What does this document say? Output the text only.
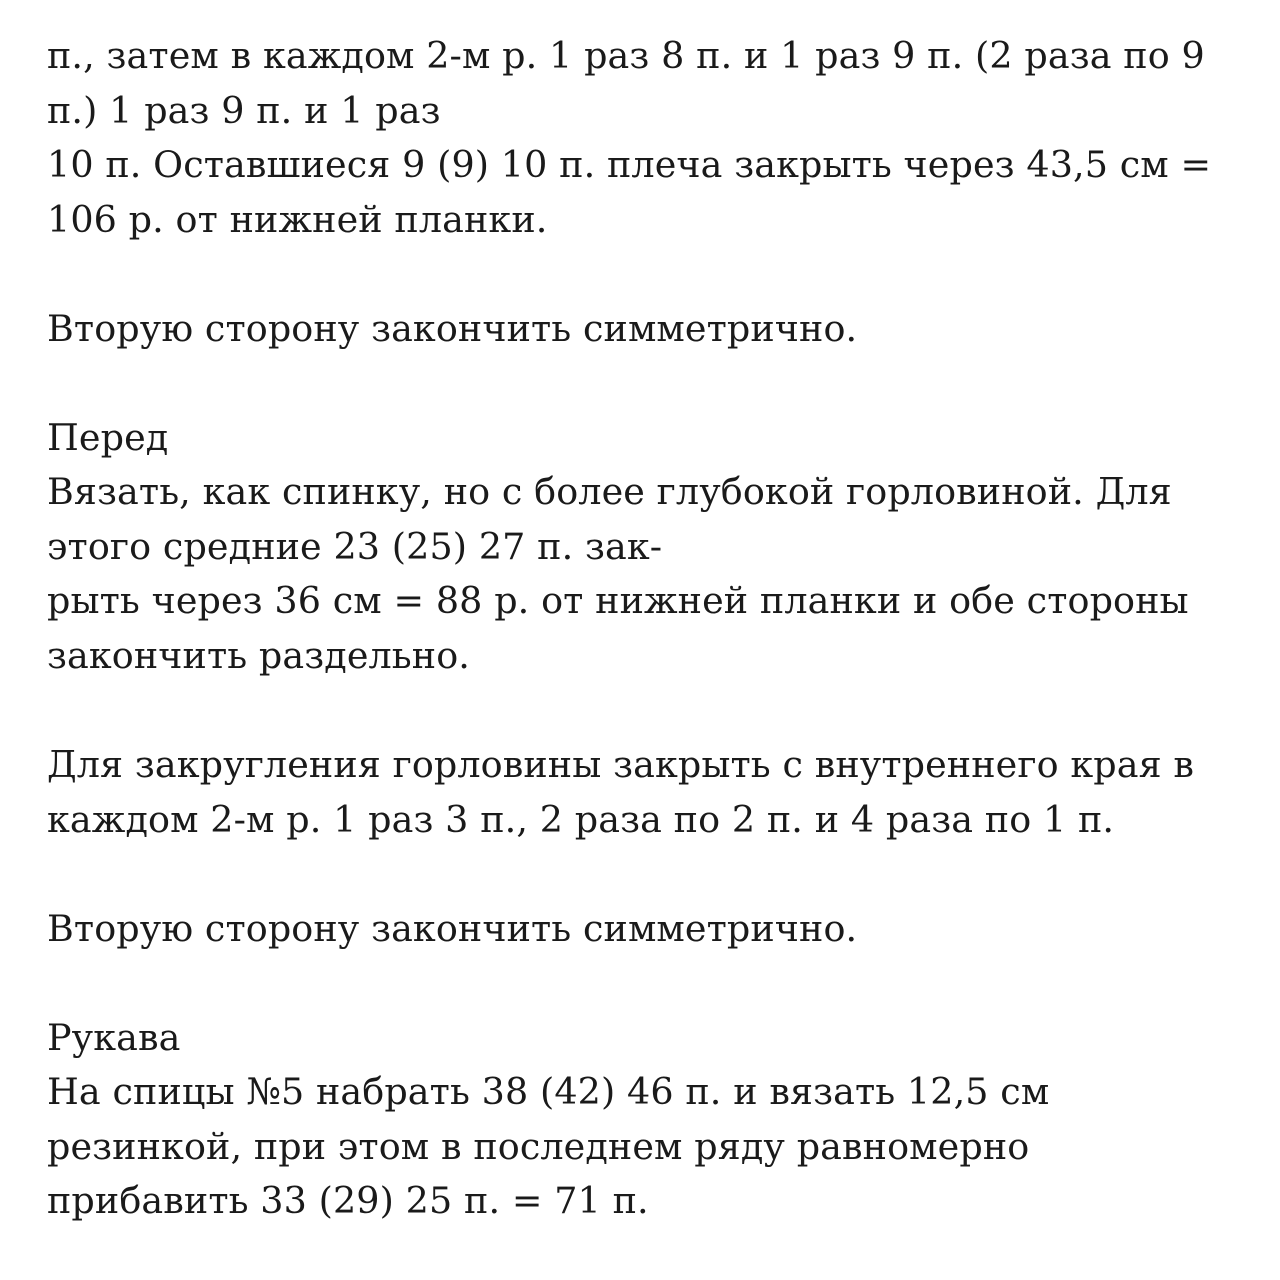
п., затем в каждом 2-м р. 1 раз 8 п. и 1 раз 9 п. (2 раза по 9
п.) 1 раз 9 п. и 1 раз
10 п. Оставшиеся 9 (9) 10 п. плеча закрыть через 43,5 см =
106 р. от нижней планки.
Вторую сторону закончить симметрично.
Перед
Вязать, как спинку, но с более глубокой горловиной. Для
этого средние 23 (25) 27 п. зак-
рыть через 36 см = 88 р. от нижней планки и обе стороны
закончить раздельно.
Для закругления горловины закрыть с внутреннего края в
каждом 2-м р. 1 раз 3 п., 2 раза по 2 п. и 4 раза по 1 п.
Вторую сторону закончить симметрично.
Рукава
На спицы №5 набрать 38 (42) 46 п. и вязать 12,5 см
резинкой, при этом в последнем ряду равномерно
прибавить 33 (29) 25 п. = 71 п.
